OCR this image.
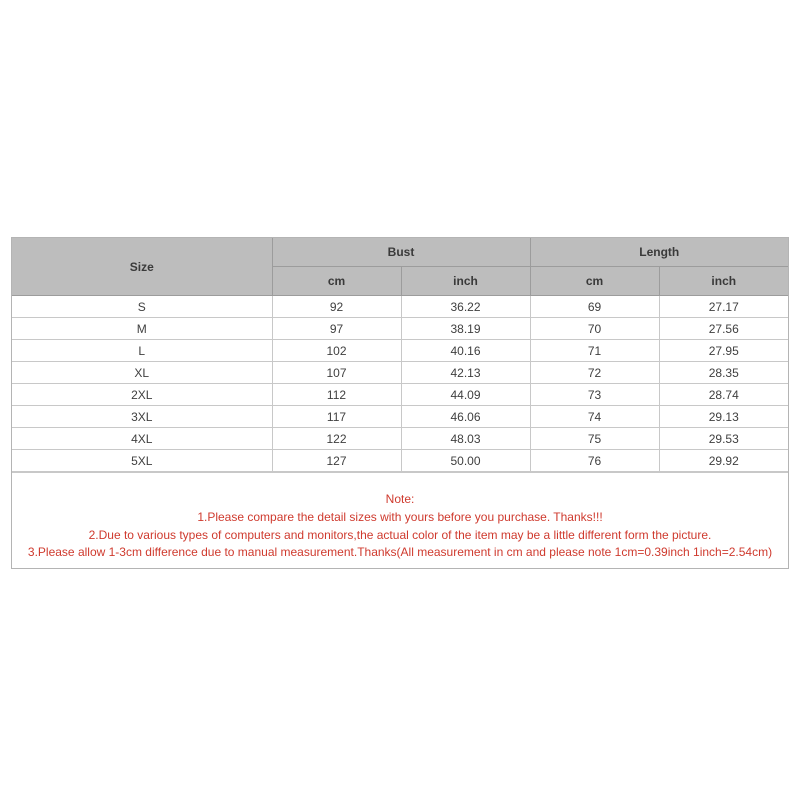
Size	Bust		Length	
	cm	inch	cm	inch
S	92	36.22	69	27.17
M	97	38.19	70	27.56
L	102	40.16	71	27.95
XL	107	42.13	72	28.35
2XL	112	44.09	73	28.74
3XL	117	46.06	74	29.13
4XL	122	48.03	75	29.53
5XL	127	50.00	76	29.92
Note:
1.Please compare the detail sizes with yours before you purchase. Thanks!!!
2.Due to various types of computers and monitors,the actual color of the item may be a little different form the picture.
3.Please allow 1-3cm difference due to manual measurement.Thanks(All measurement in cm and please note 1cm=0.39inch 1inch=2.54cm)
